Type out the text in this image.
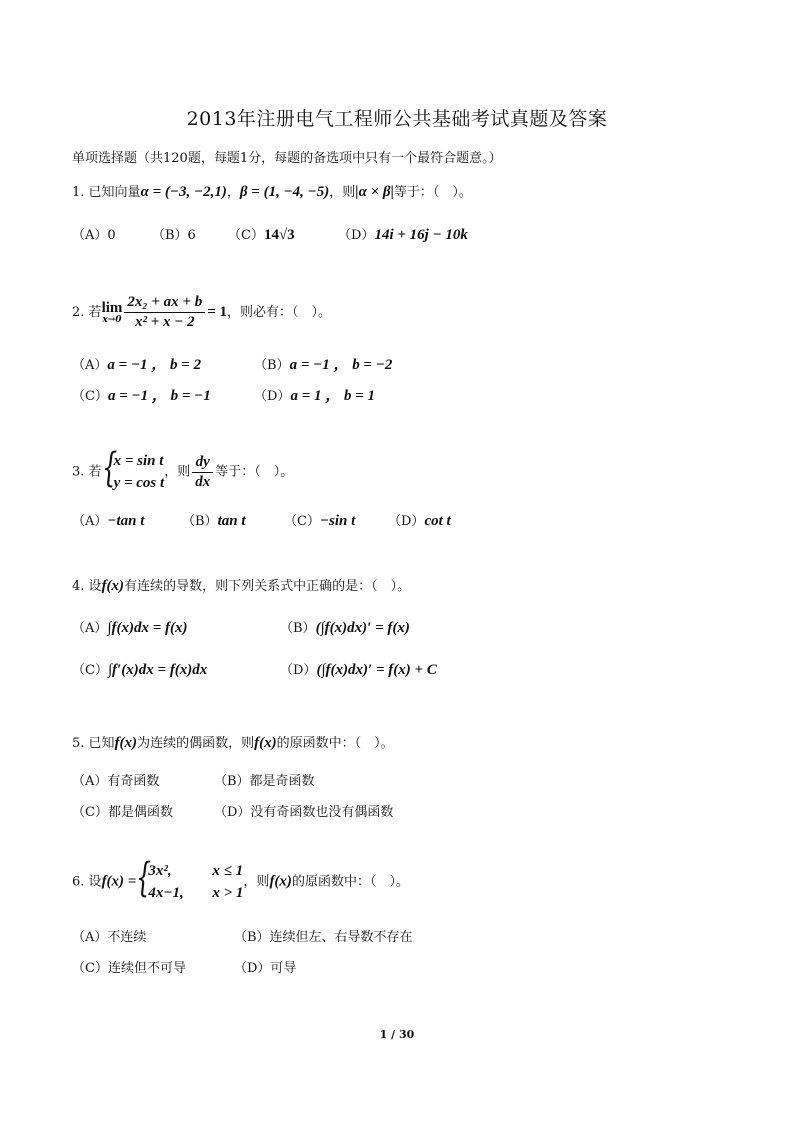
2013年注册电气工程师公共基础考试真题及答案
单项选择题（共120题，每题1分，每题的备选项中只有一个最符合题意。）
1. 已知向量α = (−3, −2,1)，β = (1, −4, −5)，则|α × β|等于：（　）。
（A）0	（B）6 （C）14√3	（D）14i + 16j − 10k
2. 若lim
$x\to 0 \frac{\text{2x₂ + ax + b}}{\text{x² + x − 2}} = 1$，则必有：（　）。
（A）a = −1 ， b = 2	（B）a = −1 ， b = −2
（C）a = −1 ， b = −1	（D）a = 1 ， b = 1
3. 若 {
x = sin t
y = cos t
，则 $\frac{dy}{dx}$ 等于：（　）。
（A）−tan t	（B）tan t	（C）−sin t	（D）cot t
4. 设f(x)有连续的导数，则下列关系式中正确的是：（　）。
（A）∫f(x)dx = f(x)	（B）(∫f(x)dx)′ = f(x)
（C）∫f′(x)dx = f(x)dx	（D）(∫f(x)dx)′ = f(x) + C
5. 已知f(x)为连续的偶函数，则f(x)的原函数中：（　）。
（A）有奇函数	（B）都是奇函数
（C）都是偶函数	（D）没有奇函数也没有偶函数
6. 设f(x) = {
3x²,	x ≤ 1
4x−1, x > 1
，则f(x)的原函数中：（　）。
（A）不连续	（B）连续但左、右导数不存在
（C）连续但不可导	（D）可导
1 / 30
